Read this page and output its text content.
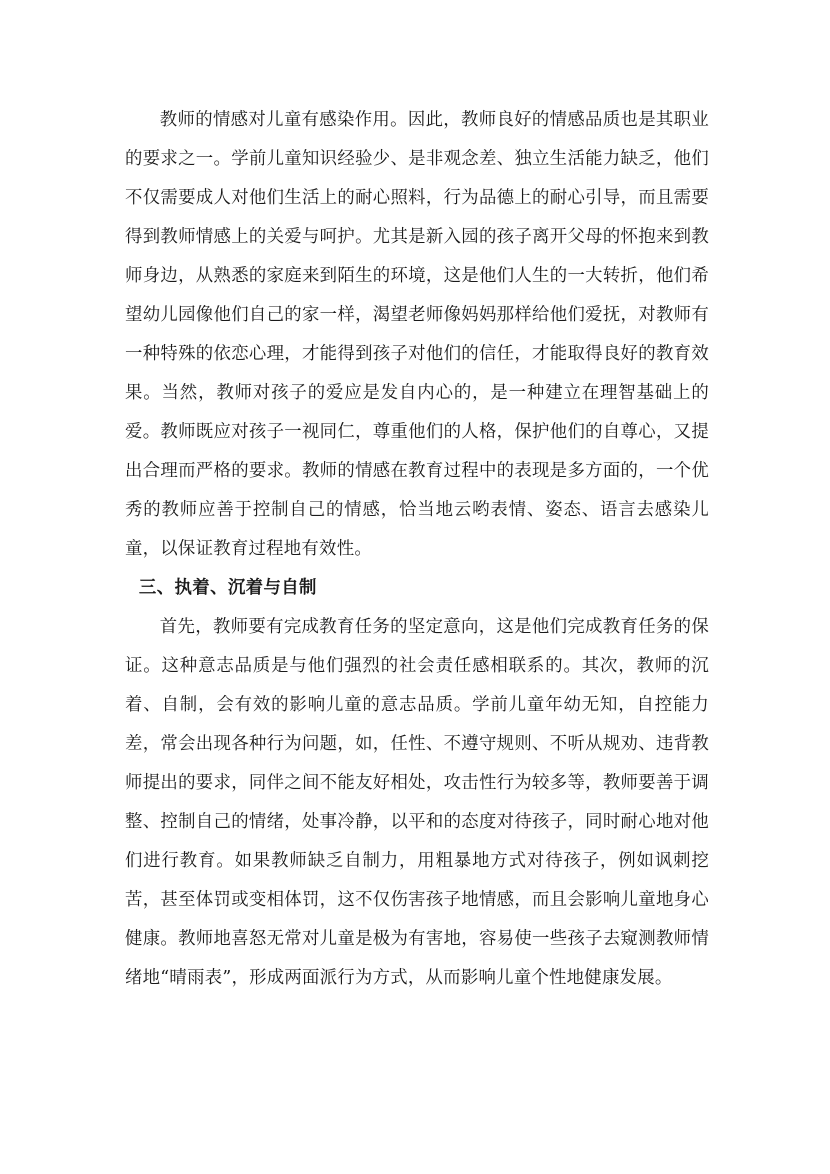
教师的情感对儿童有感染作用。因此，教师良好的情感品质也是其职业的要求之一。学前儿童知识经验少、是非观念差、独立生活能力缺乏，他们不仅需要成人对他们生活上的耐心照料，行为品德上的耐心引导，而且需要得到教师情感上的关爱与呵护。尤其是新入园的孩子离开父母的怀抱来到教师身边，从熟悉的家庭来到陌生的环境，这是他们人生的一大转折，他们希望幼儿园像他们自己的家一样，渴望老师像妈妈那样给他们爱抚，对教师有一种特殊的依恋心理，才能得到孩子对他们的信任，才能取得良好的教育效果。当然，教师对孩子的爱应是发自内心的，是一种建立在理智基础上的爱。教师既应对孩子一视同仁，尊重他们的人格，保护他们的自尊心，又提出合理而严格的要求。教师的情感在教育过程中的表现是多方面的，一个优秀的教师应善于控制自己的情感，恰当地云哟表情、姿态、语言去感染儿童，以保证教育过程地有效性。

三、执着、沉着与自制

首先，教师要有完成教育任务的坚定意向，这是他们完成教育任务的保证。这种意志品质是与他们强烈的社会责任感相联系的。其次，教师的沉着、自制，会有效的影响儿童的意志品质。学前儿童年幼无知，自控能力差，常会出现各种行为问题，如，任性、不遵守规则、不听从规劝、违背教师提出的要求，同伴之间不能友好相处，攻击性行为较多等，教师要善于调整、控制自己的情绪，处事冷静，以平和的态度对待孩子，同时耐心地对他们进行教育。如果教师缺乏自制力，用粗暴地方式对待孩子，例如讽刺挖苦，甚至体罚或变相体罚，这不仅伤害孩子地情感，而且会影响儿童地身心健康。教师地喜怒无常对儿童是极为有害地，容易使一些孩子去窥测教师情绪地“晴雨表”，形成两面派行为方式，从而影响儿童个性地健康发展。
